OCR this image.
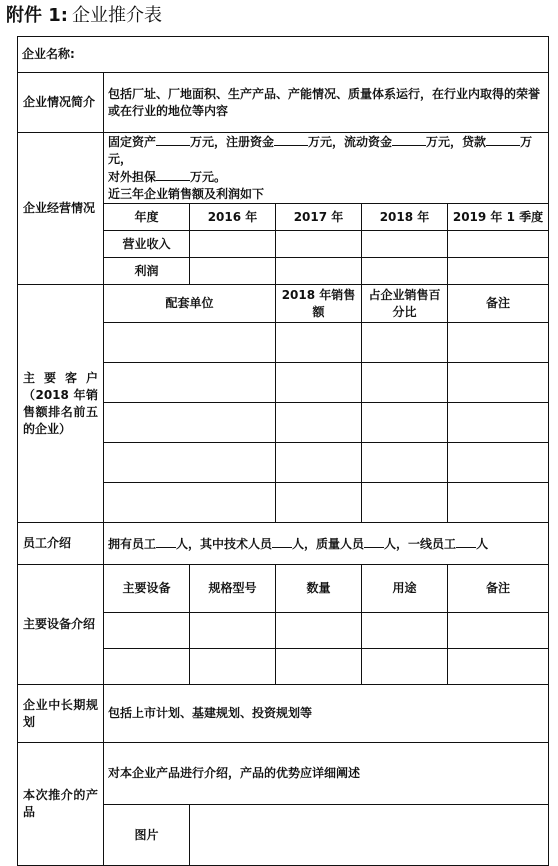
附件 1: 企业推介表
企业名称:					
企业情况简介	包括厂址、厂地面积、生产产品、产能情况、质量体系运行，在行业内取得的荣誉或在行业的地位等内容				
企业经营情况	固定资产 万元，注册资金 万元，流动资金 万元，贷款 万元，
对外担保 万元。
近三年企业销售额及利润如下				

	年度	2016 年	2017 年	2018 年	2019 年 1 季度
	营业收入				
	利润				
主要客户（2018 年销售额排名前五的企业）	配套单位		2018 年销售额	占企业销售百分比	备注

员工介绍	拥有员工 人，其中技术人员 人，质量人员 人，一线员工 人				
主要设备介绍	主要设备	规格型号	数量	用途	备注

企业中长期规划	包括上市计划、基建规划、投资规划等				
本次推介的产品	对本企业产品进行介绍，产品的优势应详细阐述				
	图片				
